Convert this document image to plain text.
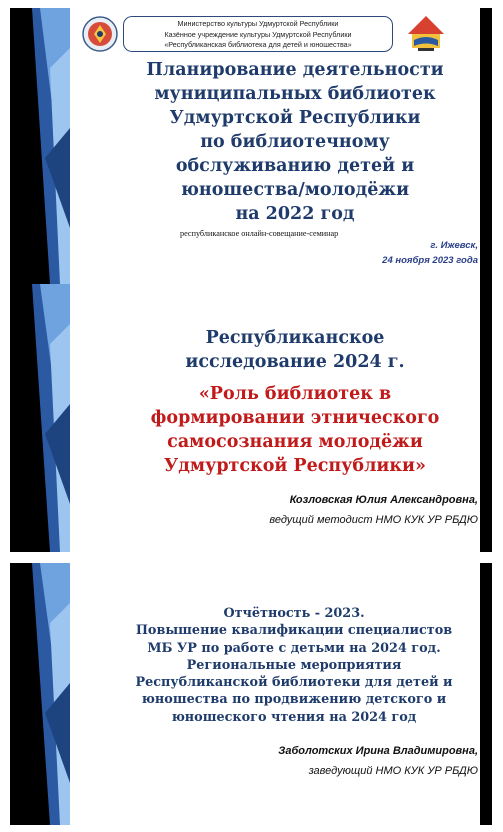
Министерство культуры Удмуртской Республики
Казённое учреждение культуры Удмуртской Республики
«Республиканская библиотека для детей и юношества»
Планирование деятельности
муниципальных библиотек
Удмуртской Республики
по библиотечному
обслуживанию детей и
юношества/молодёжи
на 2022 год
республиканское онлайн-совещание-семинар
г. Ижевск,
24 ноября 2023 года
Республиканское
исследование 2024 г.
«Роль библиотек в
формировании этнического
самосознания молодёжи
Удмуртской Республики»
Козловская Юлия Александровна,
ведущий методист НМО КУК УР РБДЮ
Отчётность - 2023.
Повышение квалификации специалистов
МБ УР по работе с детьми на 2024 год.
Региональные мероприятия
Республиканской библиотеки для детей и
юношества по продвижению детского и
юношеского чтения на 2024 год
Заболотских Ирина Владимировна,
заведующий НМО КУК УР РБДЮ
